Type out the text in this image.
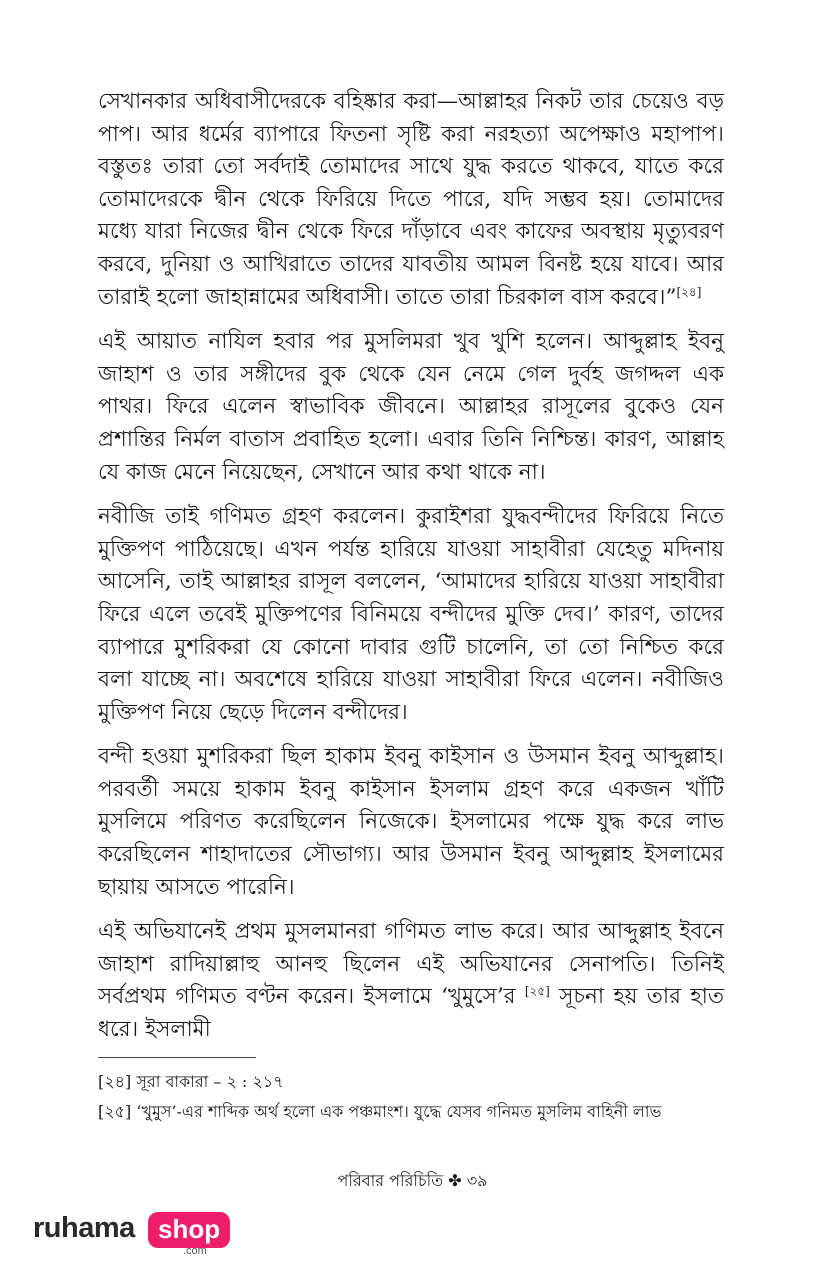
সেখানকার অধিবাসীদেরকে বহিষ্কার করা—আল্লাহর নিকট তার চেয়েও বড় পাপ। আর ধর্মের ব্যাপারে ফিতনা সৃষ্টি করা নরহত্যা অপেক্ষাও মহাপাপ। বস্তুতঃ তারা তো সর্বদাই তোমাদের সাথে যুদ্ধ করতে থাকবে, যাতে করে তোমাদেরকে দ্বীন থেকে ফিরিয়ে দিতে পারে, যদি সম্ভব হয়। তোমাদের মধ্যে যারা নিজের দ্বীন থেকে ফিরে দাঁড়াবে এবং কাফের অবস্থায় মৃত্যুবরণ করবে, দুনিয়া ও আখিরাতে তাদের যাবতীয় আমল বিনষ্ট হয়ে যাবে। আর তারাই হলো জাহান্নামের অধিবাসী। তাতে তারা চিরকাল বাস করবে।”[২৪]

এই আয়াত নাযিল হবার পর মুসলিমরা খুব খুশি হলেন। আব্দুল্লাহ ইবনু জাহাশ ও তার সঙ্গীদের বুক থেকে যেন নেমে গেল দুর্বহ জগদ্দল এক পাথর। ফিরে এলেন স্বাভাবিক জীবনে। আল্লাহর রাসূলের বুকেও যেন প্রশান্তির নির্মল বাতাস প্রবাহিত হলো। এবার তিনি নিশ্চিন্ত। কারণ, আল্লাহ যে কাজ মেনে নিয়েছেন, সেখানে আর কথা থাকে না।

নবীজি তাই গণিমত গ্রহণ করলেন। কুরাইশরা যুদ্ধবন্দীদের ফিরিয়ে নিতে মুক্তিপণ পাঠিয়েছে। এখন পর্যন্ত হারিয়ে যাওয়া সাহাবীরা যেহেতু মদিনায় আসেনি, তাই আল্লাহর রাসূল বললেন, ‘আমাদের হারিয়ে যাওয়া সাহাবীরা ফিরে এলে তবেই মুক্তিপণের বিনিময়ে বন্দীদের মুক্তি দেব।’ কারণ, তাদের ব্যাপারে মুশরিকরা যে কোনো দাবার গুটি চালেনি, তা তো নিশ্চিত করে বলা যাচ্ছে না। অবশেষে হারিয়ে যাওয়া সাহাবীরা ফিরে এলেন। নবীজিও মুক্তিপণ নিয়ে ছেড়ে দিলেন বন্দীদের।

বন্দী হওয়া মুশরিকরা ছিল হাকাম ইবনু কাইসান ও উসমান ইবনু আব্দুল্লাহ। পরবর্তী সময়ে হাকাম ইবনু কাইসান ইসলাম গ্রহণ করে একজন খাঁটি মুসলিমে পরিণত করেছিলেন নিজেকে। ইসলামের পক্ষে যুদ্ধ করে লাভ করেছিলেন শাহাদাতের সৌভাগ্য। আর উসমান ইবনু আব্দুল্লাহ ইসলামের ছায়ায় আসতে পারেনি।

এই অভিযানেই প্রথম মুসলমানরা গণিমত লাভ করে। আর আব্দুল্লাহ ইবনে জাহাশ রাদিয়াল্লাহু আনহু ছিলেন এই অভিযানের সেনাপতি। তিনিই সর্বপ্রথম গণিমত বণ্টন করেন। ইসলামে ‘খুমুসে’র [২৫] সূচনা হয় তার হাত ধরে। ইসলামী

[২৪] সূরা বাকারা – ২ : ২১৭
[২৫] ‘খুমুস’-এর শাব্দিক অর্থ হলো এক পঞ্চমাংশ। যুদ্ধে যেসব গনিমত মুসলিম বাহিনী লাভ
পরিবার পরিচিতি ✤ ৩৯
ruhama shop
.com
